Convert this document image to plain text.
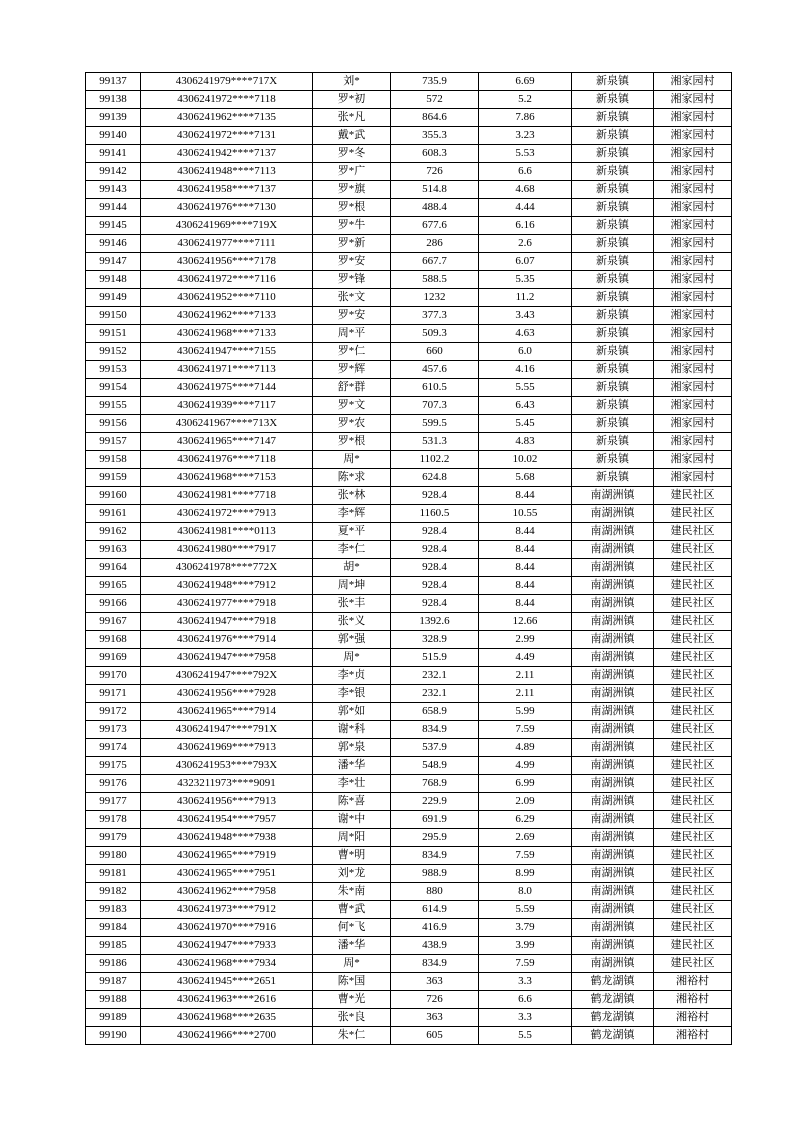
99137	4306241979****717X	刘*	735.9	6.69	新泉镇	湘家园村
99138	4306241972****7118	罗*初	572	5.2	新泉镇	湘家园村
99139	4306241962****7135	张*凡	864.6	7.86	新泉镇	湘家园村
99140	4306241972****7131	戴*武	355.3	3.23	新泉镇	湘家园村
99141	4306241942****7137	罗*冬	608.3	5.53	新泉镇	湘家园村
99142	4306241948****7113	罗*广	726	6.6	新泉镇	湘家园村
99143	4306241958****7137	罗*旗	514.8	4.68	新泉镇	湘家园村
99144	4306241976****7130	罗*根	488.4	4.44	新泉镇	湘家园村
99145	4306241969****719X	罗*牛	677.6	6.16	新泉镇	湘家园村
99146	4306241977****7111	罗*新	286	2.6	新泉镇	湘家园村
99147	4306241956****7178	罗*安	667.7	6.07	新泉镇	湘家园村
99148	4306241972****7116	罗*锋	588.5	5.35	新泉镇	湘家园村
99149	4306241952****7110	张*文	1232	11.2	新泉镇	湘家园村
99150	4306241962****7133	罗*安	377.3	3.43	新泉镇	湘家园村
99151	4306241968****7133	周*平	509.3	4.63	新泉镇	湘家园村
99152	4306241947****7155	罗*仁	660	6.0	新泉镇	湘家园村
99153	4306241971****7113	罗*辉	457.6	4.16	新泉镇	湘家园村
99154	4306241975****7144	舒*群	610.5	5.55	新泉镇	湘家园村
99155	4306241939****7117	罗*文	707.3	6.43	新泉镇	湘家园村
99156	4306241967****713X	罗*农	599.5	5.45	新泉镇	湘家园村
99157	4306241965****7147	罗*根	531.3	4.83	新泉镇	湘家园村
99158	4306241976****7118	周*	1102.2	10.02	新泉镇	湘家园村
99159	4306241968****7153	陈*求	624.8	5.68	新泉镇	湘家园村
99160	4306241981****7718	张*林	928.4	8.44	南湖洲镇	建民社区
99161	4306241972****7913	李*辉	1160.5	10.55	南湖洲镇	建民社区
99162	4306241981****0113	夏*平	928.4	8.44	南湖洲镇	建民社区
99163	4306241980****7917	李*仁	928.4	8.44	南湖洲镇	建民社区
99164	4306241978****772X	胡*	928.4	8.44	南湖洲镇	建民社区
99165	4306241948****7912	周*坤	928.4	8.44	南湖洲镇	建民社区
99166	4306241977****7918	张*丰	928.4	8.44	南湖洲镇	建民社区
99167	4306241947****7918	张*义	1392.6	12.66	南湖洲镇	建民社区
99168	4306241976****7914	郭*强	328.9	2.99	南湖洲镇	建民社区
99169	4306241947****7958	周*	515.9	4.49	南湖洲镇	建民社区
99170	4306241947****792X	李*贞	232.1	2.11	南湖洲镇	建民社区
99171	4306241956****7928	李*银	232.1	2.11	南湖洲镇	建民社区
99172	4306241965****7914	郭*如	658.9	5.99	南湖洲镇	建民社区
99173	4306241947****791X	谢*科	834.9	7.59	南湖洲镇	建民社区
99174	4306241969****7913	郭*泉	537.9	4.89	南湖洲镇	建民社区
99175	4306241953****793X	潘*华	548.9	4.99	南湖洲镇	建民社区
99176	4323211973****9091	李*壮	768.9	6.99	南湖洲镇	建民社区
99177	4306241956****7913	陈*喜	229.9	2.09	南湖洲镇	建民社区
99178	4306241954****7957	谢*中	691.9	6.29	南湖洲镇	建民社区
99179	4306241948****7938	周*阳	295.9	2.69	南湖洲镇	建民社区
99180	4306241965****7919	曹*明	834.9	7.59	南湖洲镇	建民社区
99181	4306241965****7951	刘*龙	988.9	8.99	南湖洲镇	建民社区
99182	4306241962****7958	朱*南	880	8.0	南湖洲镇	建民社区
99183	4306241973****7912	曹*武	614.9	5.59	南湖洲镇	建民社区
99184	4306241970****7916	何*飞	416.9	3.79	南湖洲镇	建民社区
99185	4306241947****7933	潘*华	438.9	3.99	南湖洲镇	建民社区
99186	4306241968****7934	周*	834.9	7.59	南湖洲镇	建民社区
99187	4306241945****2651	陈*国	363	3.3	鹤龙湖镇	湘裕村
99188	4306241963****2616	曹*光	726	6.6	鹤龙湖镇	湘裕村
99189	4306241968****2635	张*良	363	3.3	鹤龙湖镇	湘裕村
99190	4306241966****2700	朱*仁	605	5.5	鹤龙湖镇	湘裕村
